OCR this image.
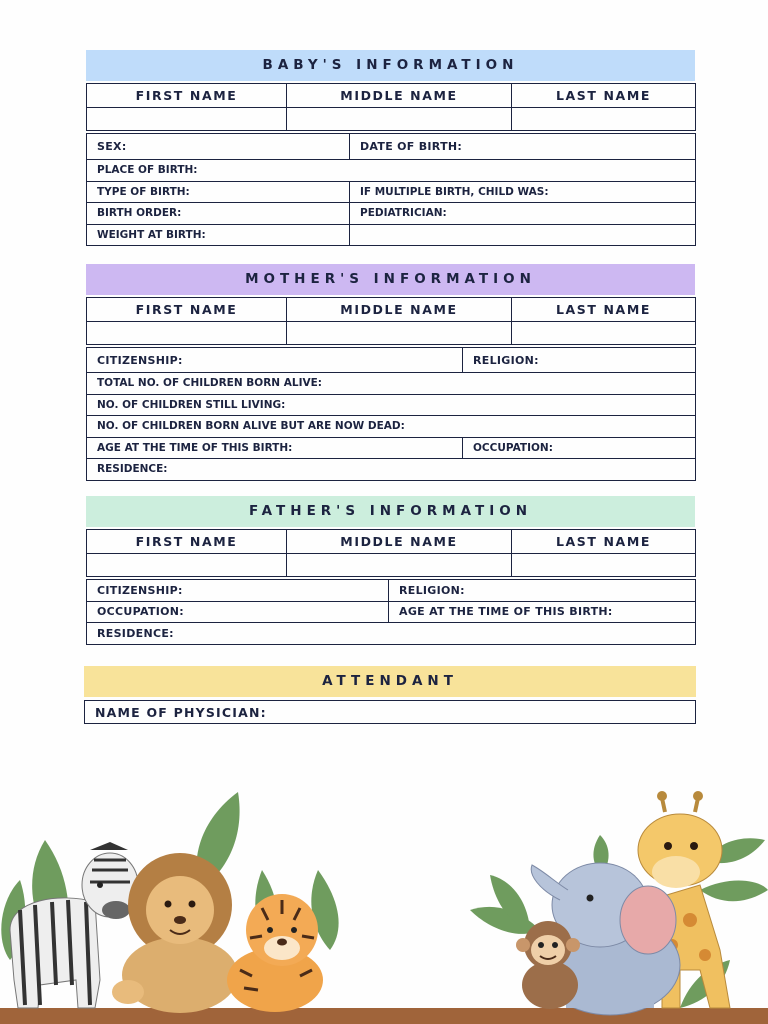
BABY'S INFORMATION
FIRST NAME	MIDDLE NAME	LAST NAME

SEX:	DATE OF BIRTH:
PLACE OF BIRTH:	
TYPE OF BIRTH:	IF MULTIPLE BIRTH, CHILD WAS:
BIRTH ORDER:	PEDIATRICIAN:
WEIGHT AT BIRTH:	
MOTHER'S INFORMATION
FIRST NAME	MIDDLE NAME	LAST NAME

CITIZENSHIP:	RELIGION:
TOTAL NO. OF CHILDREN BORN ALIVE:	
NO. OF CHILDREN STILL LIVING:	
NO. OF CHILDREN BORN ALIVE BUT ARE NOW DEAD:	
AGE AT THE TIME OF THIS BIRTH:	OCCUPATION:
RESIDENCE:	
FATHER'S INFORMATION
FIRST NAME	MIDDLE NAME	LAST NAME

CITIZENSHIP:	RELIGION:
OCCUPATION:	AGE AT THE TIME OF THIS BIRTH:
RESIDENCE:	
ATTENDANT
NAME OF PHYSICIAN:
